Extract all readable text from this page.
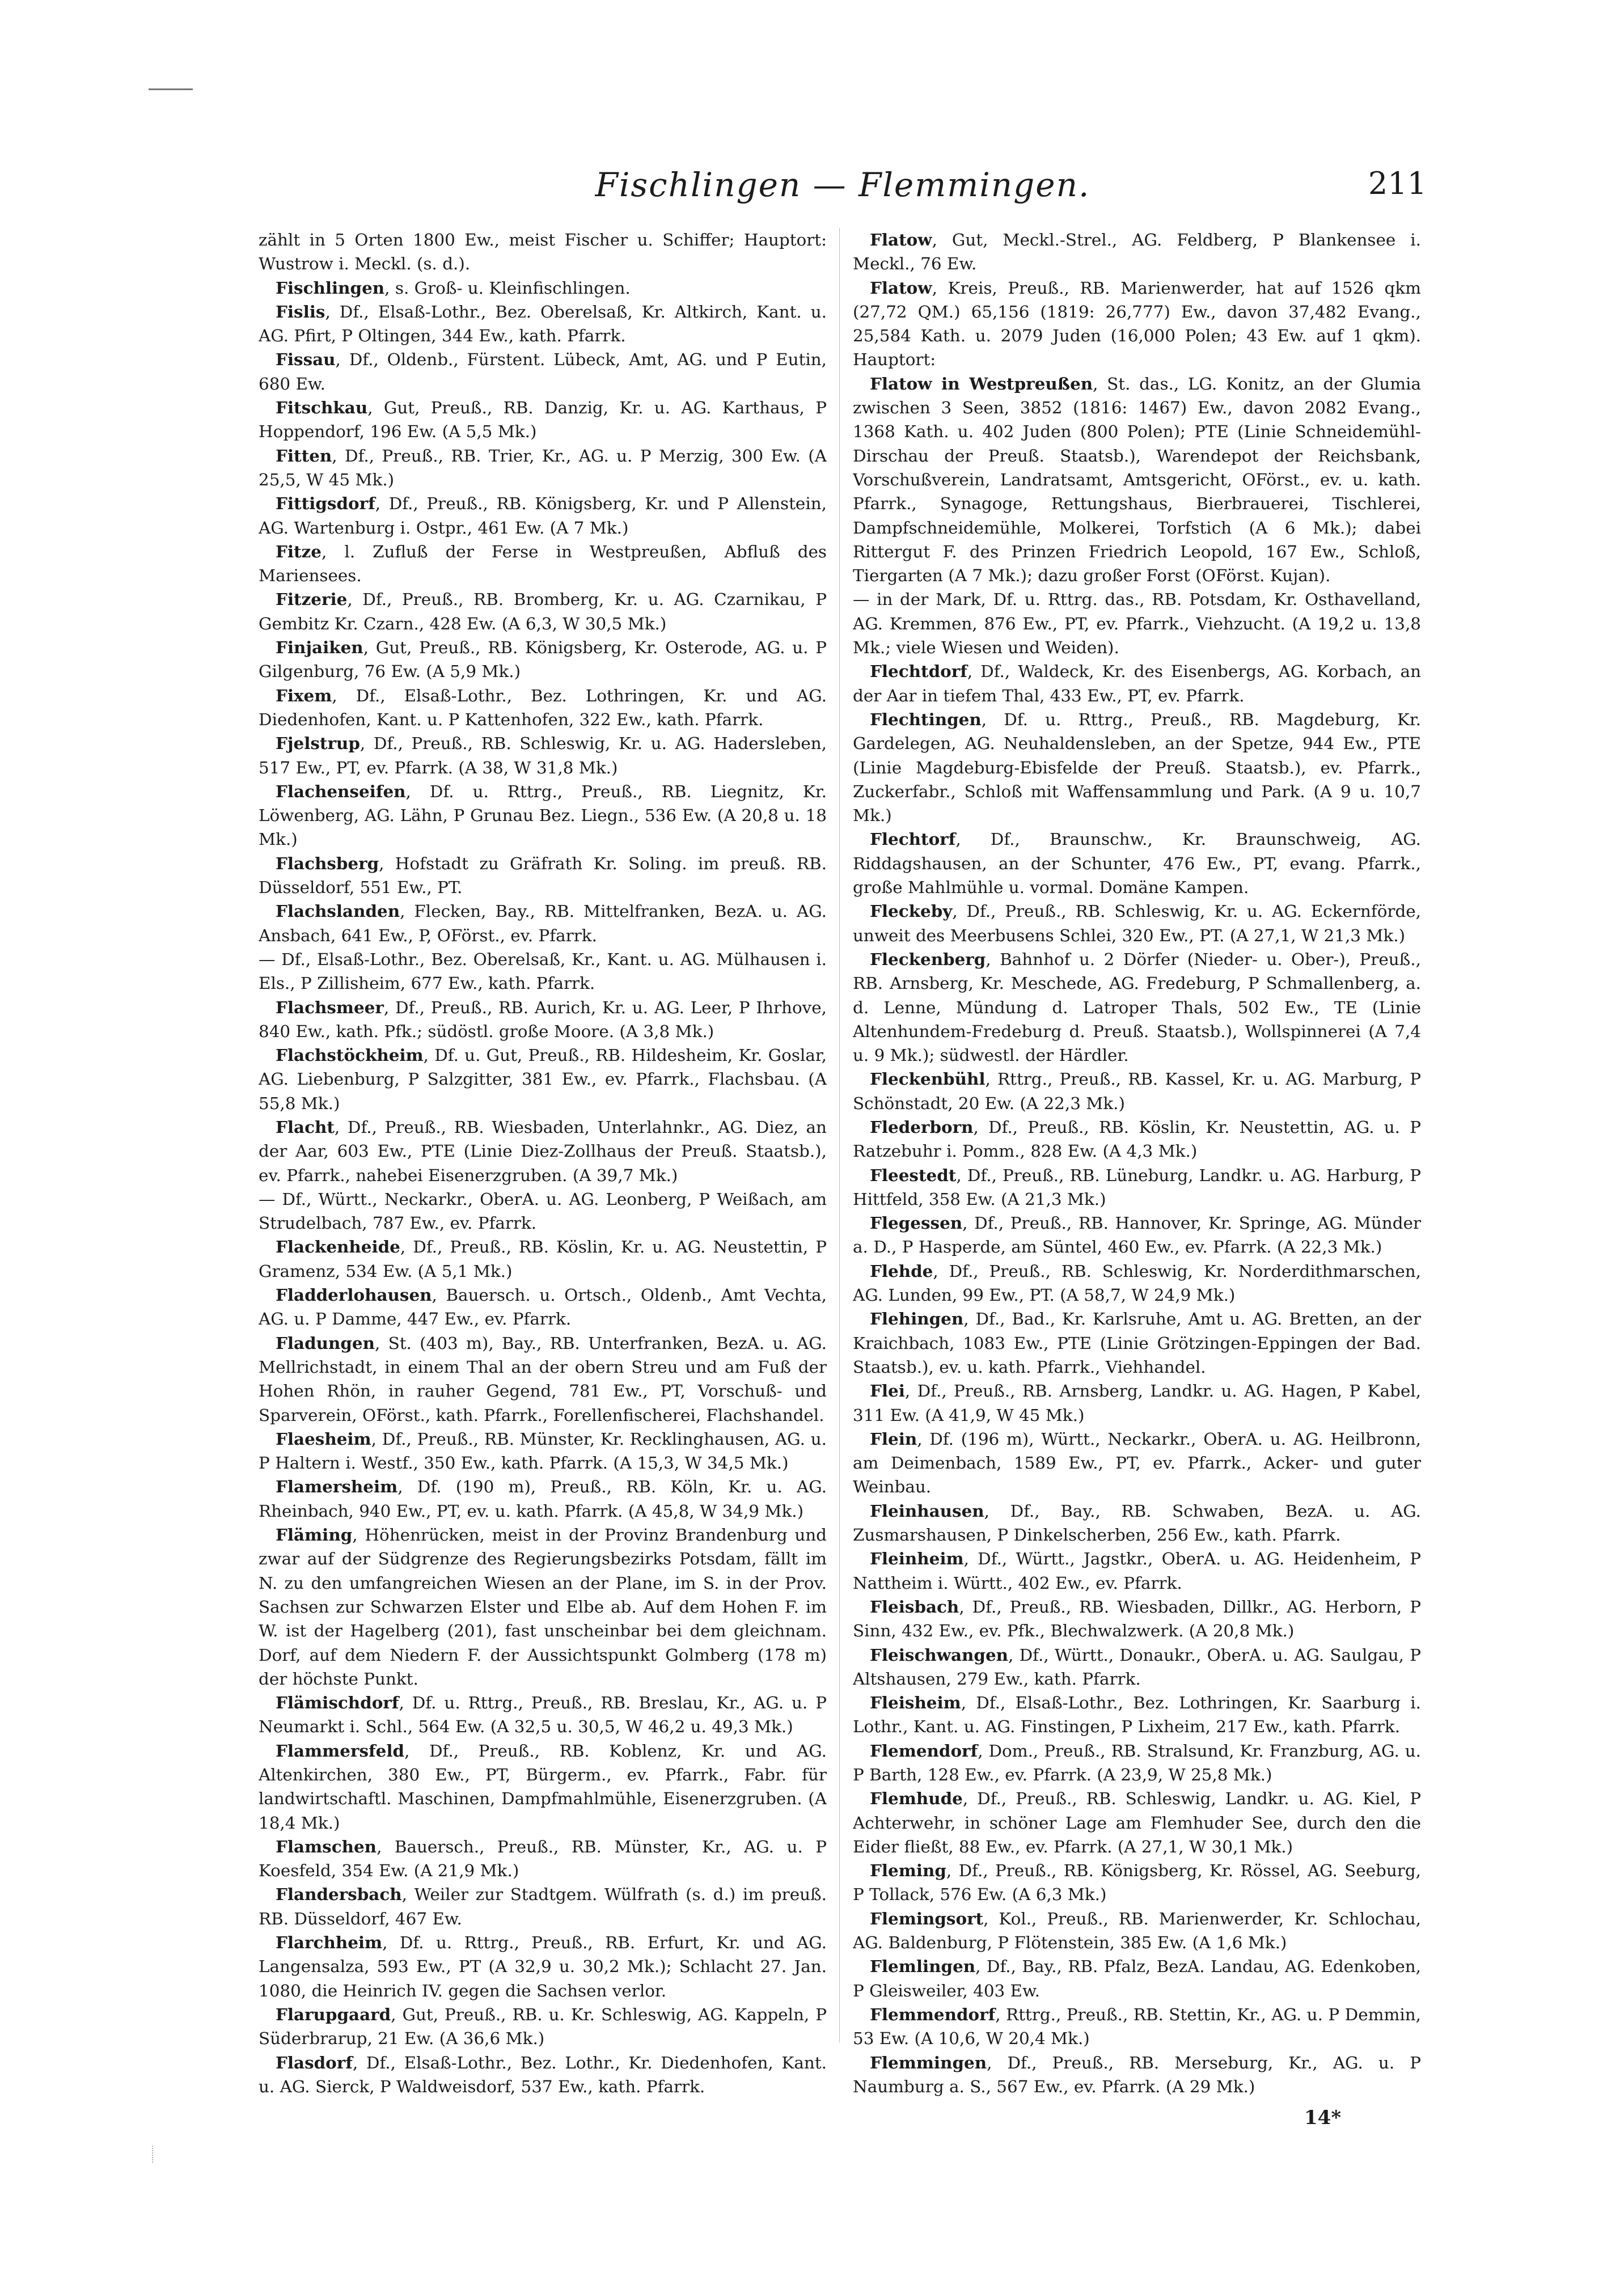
Fischlingen — Flemmingen.	211

zählt in 5 Orten 1800 Ew., meist Fischer u. Schiffer; Hauptort: Wustrow i. Meckl. (s. d.).

Fischlingen, s. Groß- u. Kleinfischlingen.

Fislis, Df., Elsaß-Lothr., Bez. Oberelsaß, Kr. Altkirch, Kant. u. AG. Pfirt, P Oltingen, 344 Ew., kath. Pfarrk.

Fissau, Df., Oldenb., Fürstent. Lübeck, Amt, AG. und P Eutin, 680 Ew.

Fitschkau, Gut, Preuß., RB. Danzig, Kr. u. AG. Karthaus, P Hoppendorf, 196 Ew. (A 5,5 Mk.)

Fitten, Df., Preuß., RB. Trier, Kr., AG. u. P Merzig, 300 Ew. (A 25,5, W 45 Mk.)

Fittigsdorf, Df., Preuß., RB. Königsberg, Kr. und P Allenstein, AG. Wartenburg i. Ostpr., 461 Ew. (A 7 Mk.)

Fitze, l. Zufluß der Ferse in Westpreußen, Abfluß des Mariensees.

Fitzerie, Df., Preuß., RB. Bromberg, Kr. u. AG. Czarnikau, P Gembitz Kr. Czarn., 428 Ew. (A 6,3, W 30,5 Mk.)

Finjaiken, Gut, Preuß., RB. Königsberg, Kr. Osterode, AG. u. P Gilgenburg, 76 Ew. (A 5,9 Mk.)

Fixem, Df., Elsaß-Lothr., Bez. Lothringen, Kr. und AG. Diedenhofen, Kant. u. P Kattenhofen, 322 Ew., kath. Pfarrk.

Fjelstrup, Df., Preuß., RB. Schleswig, Kr. u. AG. Hadersleben, 517 Ew., PT, ev. Pfarrk. (A 38, W 31,8 Mk.)

Flachenseifen, Df. u. Rttrg., Preuß., RB. Liegnitz, Kr. Löwenberg, AG. Lähn, P Grunau Bez. Liegn., 536 Ew. (A 20,8 u. 18 Mk.)

Flachsberg, Hofstadt zu Gräfrath Kr. Soling. im preuß. RB. Düsseldorf, 551 Ew., PT.

Flachslanden, Flecken, Bay., RB. Mittelfranken, BezA. u. AG. Ansbach, 641 Ew., P, OFörst., ev. Pfarrk.

— Df., Elsaß-Lothr., Bez. Oberelsaß, Kr., Kant. u. AG. Mülhausen i. Els., P Zillisheim, 677 Ew., kath. Pfarrk.

Flachsmeer, Df., Preuß., RB. Aurich, Kr. u. AG. Leer, P Ihrhove, 840 Ew., kath. Pfk.; südöstl. große Moore. (A 3,8 Mk.)

Flachstöckheim, Df. u. Gut, Preuß., RB. Hildesheim, Kr. Goslar, AG. Liebenburg, P Salzgitter, 381 Ew., ev. Pfarrk., Flachsbau. (A 55,8 Mk.)

Flacht, Df., Preuß., RB. Wiesbaden, Unterlahnkr., AG. Diez, an der Aar, 603 Ew., PTE (Linie Diez-Zollhaus der Preuß. Staatsb.), ev. Pfarrk., nahebei Eisenerzgruben. (A 39,7 Mk.)

— Df., Württ., Neckarkr., OberA. u. AG. Leonberg, P Weißach, am Strudelbach, 787 Ew., ev. Pfarrk.

Flackenheide, Df., Preuß., RB. Köslin, Kr. u. AG. Neustettin, P Gramenz, 534 Ew. (A 5,1 Mk.)

Fladderlohausen, Bauersch. u. Ortsch., Oldenb., Amt Vechta, AG. u. P Damme, 447 Ew., ev. Pfarrk.

Fladungen, St. (403 m), Bay., RB. Unterfranken, BezA. u. AG. Mellrichstadt, in einem Thal an der obern Streu und am Fuß der Hohen Rhön, in rauher Gegend, 781 Ew., PT, Vorschuß- und Sparverein, OFörst., kath. Pfarrk., Forellenfischerei, Flachshandel.

Flaesheim, Df., Preuß., RB. Münster, Kr. Recklinghausen, AG. u. P Haltern i. Westf., 350 Ew., kath. Pfarrk. (A 15,3, W 34,5 Mk.)

Flamersheim, Df. (190 m), Preuß., RB. Köln, Kr. u. AG. Rheinbach, 940 Ew., PT, ev. u. kath. Pfarrk. (A 45,8, W 34,9 Mk.)

Fläming, Höhenrücken, meist in der Provinz Brandenburg und zwar auf der Südgrenze des Regierungsbezirks Potsdam, fällt im N. zu den umfangreichen Wiesen an der Plane, im S. in der Prov. Sachsen zur Schwarzen Elster und Elbe ab. Auf dem Hohen F. im W. ist der Hagelberg (201), fast unscheinbar bei dem gleichnam. Dorf, auf dem Niedern F. der Aussichtspunkt Golmberg (178 m) der höchste Punkt.

Flämischdorf, Df. u. Rttrg., Preuß., RB. Breslau, Kr., AG. u. P Neumarkt i. Schl., 564 Ew. (A 32,5 u. 30,5, W 46,2 u. 49,3 Mk.)

Flammersfeld, Df., Preuß., RB. Koblenz, Kr. und AG. Altenkirchen, 380 Ew., PT, Bürgerm., ev. Pfarrk., Fabr. für landwirtschaftl. Maschinen, Dampfmahlmühle, Eisenerzgruben. (A 18,4 Mk.)

Flamschen, Bauersch., Preuß., RB. Münster, Kr., AG. u. P Koesfeld, 354 Ew. (A 21,9 Mk.)

Flandersbach, Weiler zur Stadtgem. Wülfrath (s. d.) im preuß. RB. Düsseldorf, 467 Ew.

Flarchheim, Df. u. Rttrg., Preuß., RB. Erfurt, Kr. und AG. Langensalza, 593 Ew., PT (A 32,9 u. 30,2 Mk.); Schlacht 27. Jan. 1080, die Heinrich IV. gegen die Sachsen verlor.

Flarupgaard, Gut, Preuß., RB. u. Kr. Schleswig, AG. Kappeln, P Süderbrarup, 21 Ew. (A 36,6 Mk.)

Flasdorf, Df., Elsaß-Lothr., Bez. Lothr., Kr. Diedenhofen, Kant. u. AG. Sierck, P Waldweisdorf, 537 Ew., kath. Pfarrk.

Flatow, Gut, Meckl.-Strel., AG. Feldberg, P Blankensee i. Meckl., 76 Ew.

Flatow, Kreis, Preuß., RB. Marienwerder, hat auf 1526 qkm (27,72 QM.) 65,156 (1819: 26,777) Ew., davon 37,482 Evang., 25,584 Kath. u. 2079 Juden (16,000 Polen; 43 Ew. auf 1 qkm). Hauptort:

Flatow in Westpreußen, St. das., LG. Konitz, an der Glumia zwischen 3 Seen, 3852 (1816: 1467) Ew., davon 2082 Evang., 1368 Kath. u. 402 Juden (800 Polen); PTE (Linie Schneidemühl-Dirschau der Preuß. Staatsb.), Warendepot der Reichsbank, Vorschußverein, Landratsamt, Amtsgericht, OFörst., ev. u. kath. Pfarrk., Synagoge, Rettungshaus, Bierbrauerei, Tischlerei, Dampfschneidemühle, Molkerei, Torfstich (A 6 Mk.); dabei Rittergut F. des Prinzen Friedrich Leopold, 167 Ew., Schloß, Tiergarten (A 7 Mk.); dazu großer Forst (OFörst. Kujan).

— in der Mark, Df. u. Rttrg. das., RB. Potsdam, Kr. Osthavelland, AG. Kremmen, 876 Ew., PT, ev. Pfarrk., Viehzucht. (A 19,2 u. 13,8 Mk.; viele Wiesen und Weiden).

Flechtdorf, Df., Waldeck, Kr. des Eisenbergs, AG. Korbach, an der Aar in tiefem Thal, 433 Ew., PT, ev. Pfarrk.

Flechtingen, Df. u. Rttrg., Preuß., RB. Magdeburg, Kr. Gardelegen, AG. Neuhaldensleben, an der Spetze, 944 Ew., PTE (Linie Magdeburg-Ebisfelde der Preuß. Staatsb.), ev. Pfarrk., Zuckerfabr., Schloß mit Waffensammlung und Park. (A 9 u. 10,7 Mk.)

Flechtorf, Df., Braunschw., Kr. Braunschweig, AG. Riddagshausen, an der Schunter, 476 Ew., PT, evang. Pfarrk., große Mahlmühle u. vormal. Domäne Kampen.

Fleckeby, Df., Preuß., RB. Schleswig, Kr. u. AG. Eckernförde, unweit des Meerbusens Schlei, 320 Ew., PT. (A 27,1, W 21,3 Mk.)

Fleckenberg, Bahnhof u. 2 Dörfer (Nieder- u. Ober-), Preuß., RB. Arnsberg, Kr. Meschede, AG. Fredeburg, P Schmallenberg, a. d. Lenne, Mündung d. Latroper Thals, 502 Ew., TE (Linie Altenhundem-Fredeburg d. Preuß. Staatsb.), Wollspinnerei (A 7,4 u. 9 Mk.); südwestl. der Härdler.

Fleckenbühl, Rttrg., Preuß., RB. Kassel, Kr. u. AG. Marburg, P Schönstadt, 20 Ew. (A 22,3 Mk.)

Flederborn, Df., Preuß., RB. Köslin, Kr. Neustettin, AG. u. P Ratzebuhr i. Pomm., 828 Ew. (A 4,3 Mk.)

Fleestedt, Df., Preuß., RB. Lüneburg, Landkr. u. AG. Harburg, P Hittfeld, 358 Ew. (A 21,3 Mk.)

Flegessen, Df., Preuß., RB. Hannover, Kr. Springe, AG. Münder a. D., P Hasperde, am Süntel, 460 Ew., ev. Pfarrk. (A 22,3 Mk.)

Flehde, Df., Preuß., RB. Schleswig, Kr. Norderdithmarschen, AG. Lunden, 99 Ew., PT. (A 58,7, W 24,9 Mk.)

Flehingen, Df., Bad., Kr. Karlsruhe, Amt u. AG. Bretten, an der Kraichbach, 1083 Ew., PTE (Linie Grötzingen-Eppingen der Bad. Staatsb.), ev. u. kath. Pfarrk., Viehhandel.

Flei, Df., Preuß., RB. Arnsberg, Landkr. u. AG. Hagen, P Kabel, 311 Ew. (A 41,9, W 45 Mk.)

Flein, Df. (196 m), Württ., Neckarkr., OberA. u. AG. Heilbronn, am Deimenbach, 1589 Ew., PT, ev. Pfarrk., Acker- und guter Weinbau.

Fleinhausen, Df., Bay., RB. Schwaben, BezA. u. AG. Zusmarshausen, P Dinkelscherben, 256 Ew., kath. Pfarrk.

Fleinheim, Df., Württ., Jagstkr., OberA. u. AG. Heidenheim, P Nattheim i. Württ., 402 Ew., ev. Pfarrk.

Fleisbach, Df., Preuß., RB. Wiesbaden, Dillkr., AG. Herborn, P Sinn, 432 Ew., ev. Pfk., Blechwalzwerk. (A 20,8 Mk.)

Fleischwangen, Df., Württ., Donaukr., OberA. u. AG. Saulgau, P Altshausen, 279 Ew., kath. Pfarrk.

Fleisheim, Df., Elsaß-Lothr., Bez. Lothringen, Kr. Saarburg i. Lothr., Kant. u. AG. Finstingen, P Lixheim, 217 Ew., kath. Pfarrk.

Flemendorf, Dom., Preuß., RB. Stralsund, Kr. Franzburg, AG. u. P Barth, 128 Ew., ev. Pfarrk. (A 23,9, W 25,8 Mk.)

Flemhude, Df., Preuß., RB. Schleswig, Landkr. u. AG. Kiel, P Achterwehr, in schöner Lage am Flemhuder See, durch den die Eider fließt, 88 Ew., ev. Pfarrk. (A 27,1, W 30,1 Mk.)

Fleming, Df., Preuß., RB. Königsberg, Kr. Rössel, AG. Seeburg, P Tollack, 576 Ew. (A 6,3 Mk.)

Flemingsort, Kol., Preuß., RB. Marienwerder, Kr. Schlochau, AG. Baldenburg, P Flötenstein, 385 Ew. (A 1,6 Mk.)

Flemlingen, Df., Bay., RB. Pfalz, BezA. Landau, AG. Edenkoben, P Gleisweiler, 403 Ew.

Flemmendorf, Rttrg., Preuß., RB. Stettin, Kr., AG. u. P Demmin, 53 Ew. (A 10,6, W 20,4 Mk.)

Flemmingen, Df., Preuß., RB. Merseburg, Kr., AG. u. P Naumburg a. S., 567 Ew., ev. Pfarrk. (A 29 Mk.)

14*
